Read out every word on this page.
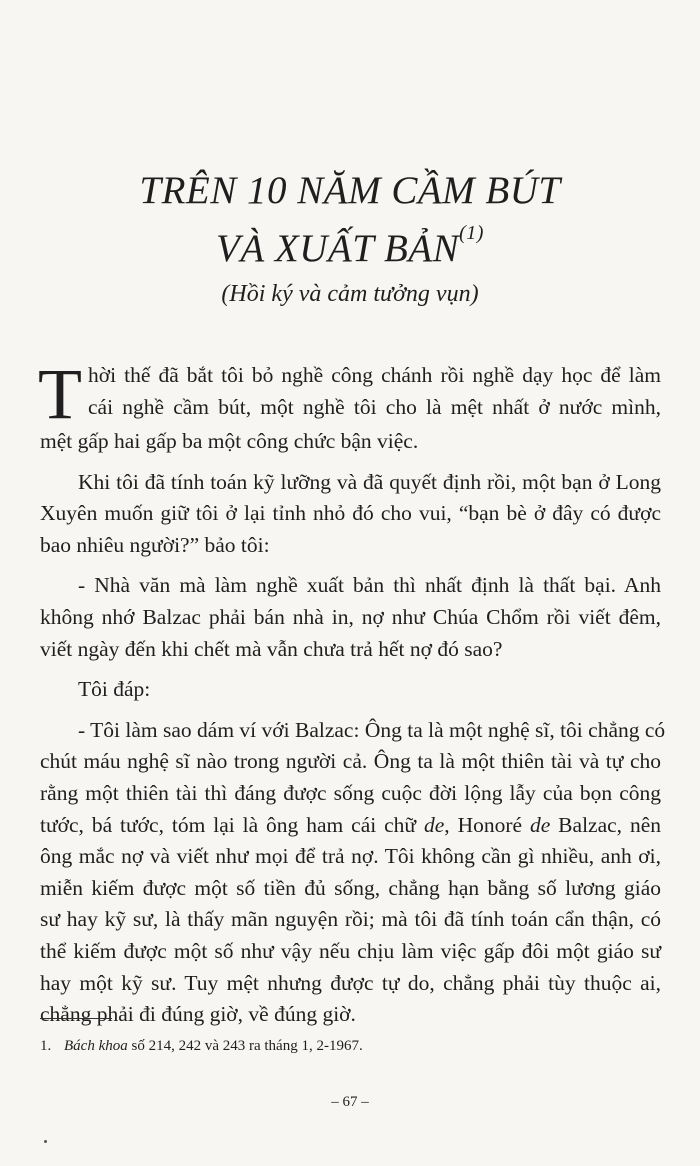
TRÊN 10 NĂM CẦM BÚT
VÀ XUẤT BẢN$^{(1)}$
(Hồi ký và cảm tưởng vụn)
T hời thế đã bắt tôi bỏ nghề công chánh rồi nghề dạy học để làm
cái nghề cầm bút, một nghề tôi cho là mệt nhất ở nước mình,
mệt gấp hai gấp ba một công chức bận việc.
Khi tôi đã tính toán kỹ lưỡng và đã quyết định rồi, một bạn ở Long
Xuyên muốn giữ tôi ở lại tỉnh nhỏ đó cho vui, “bạn bè ở đây có được
bao nhiêu người?” bảo tôi:
- Nhà văn mà làm nghề xuất bản thì nhất định là thất bại. Anh
không nhớ Balzac phải bán nhà in, nợ như Chúa Chổm rồi viết đêm,
viết ngày đến khi chết mà vẫn chưa trả hết nợ đó sao?
Tôi đáp:
- Tôi làm sao dám ví với Balzac: Ông ta là một nghệ sĩ, tôi chẳng có
chút máu nghệ sĩ nào trong người cả. Ông ta là một thiên tài và tự cho
rằng một thiên tài thì đáng được sống cuộc đời lộng lẫy của bọn công
tước, bá tước, tóm lại là ông ham cái chữ de, Honoré de Balzac, nên
ông mắc nợ và viết như mọi để trả nợ. Tôi không cần gì nhiều, anh ơi,
miễn kiếm được một số tiền đủ sống, chẳng hạn bằng số lương giáo
sư hay kỹ sư, là thấy mãn nguyện rồi; mà tôi đã tính toán cẩn thận, có
thể kiếm được một số như vậy nếu chịu làm việc gấp đôi một giáo sư
hay một kỹ sư. Tuy mệt nhưng được tự do, chẳng phải tùy thuộc ai,
chẳng phải đi đúng giờ, về đúng giờ.
1. Bách khoa số 214, 242 và 243 ra tháng 1, 2-1967.
– 67 –
